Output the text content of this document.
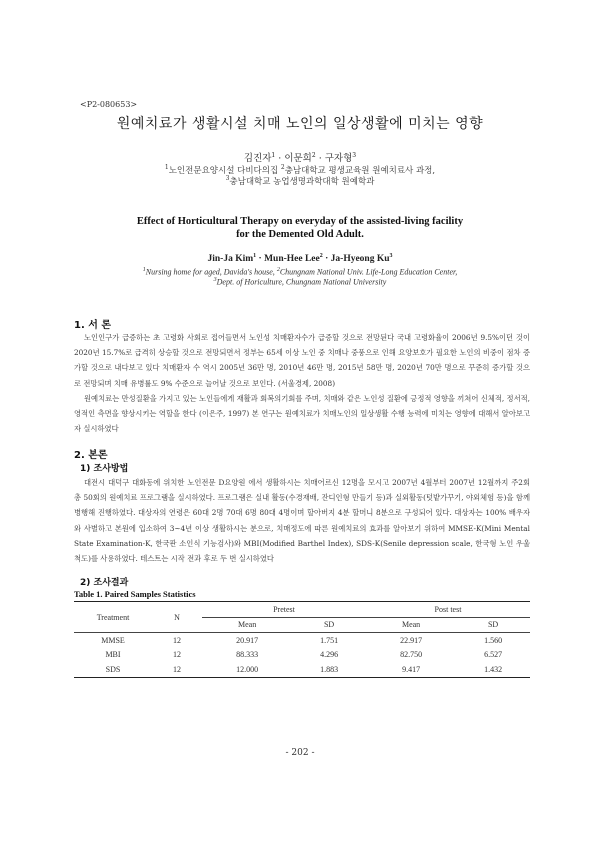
<P2-080653>
원예치료가 생활시설 치매 노인의 일상생활에 미치는 영향
김진자$^1$ · 이문희$^2$ · 구자형$^3$
$^1$노인전문요양시설 다비다의집 $^2$충남대학교 평생교육원 원예치료사 과정,
$^3$충남대학교 농업생명과학대학 원예학과
Effect of Horticultural Therapy on everyday of the assisted-living facility
for the Demented Old Adult.
Jin-Ja Kim$^1$ · Mun-Hee Lee$^2$ · Ja-Hyeong Ku$^3$
$^1$Nursing home for aged, Davida's house, $^2$Chungnam National Univ. Life-Long Education Center,
$^3$Dept. of Horiculture, Chungnam National University
1. 서 론

노인인구가 급증하는 초 고령화 사회로 접어들면서 노인성 치매환자수가 급증할 것으로 전망된다 국내 고령화율이 2006년 9.5%이던 것이 2020년 15.7%로 급격히 상승할 것으로 전망되면서 정부는 65세 이상 노인 중 치매나 중풍으로 인해 요양보호가 필요한 노인의 비중이 점차 증가할 것으로 내다보고 있다 치매환자 수 역시 2005년 36만 명, 2010년 46만 명, 2015년 58만 명, 2020년 70만 명으로 꾸준히 증가할 것으로 전망되며 치매 유병률도 9% 수준으로 늘어날 것으로 보인다. (서울경제, 2008)

원예치료는 만성질환을 가지고 있는 노인들에게 재활과 회복의기회를 주며, 치매와 같은 노인성 질환에 긍정적 영향을 끼쳐어 신체적, 정서적, 영적인 측면을 향상시키는 역할을 한다 (이은주, 1997) 본 연구는 원예치료가 치매노인의 일상생활 수행 능력에 미치는 영향에 대해서 알아보고자 실시하였다

2. 본론
1) 조사방법

대전시 대덕구 대화동에 위치한 노인전문 D요양원 에서 생활하시는 치매어르신 12명을 모시고 2007년 4월부터 2007년 12월까지 주2회 총 50회의 원예치료 프로그램을 실시하였다. 프로그램은 실내 활동(수경재배, 잔디인형 만들기 등)과 실외활동(텃밭가꾸기, 야외체험 등)을 함께 병행해 진행하였다. 대상자의 연령은 60대 2명 70대 6명 80대 4명이며 할아버지 4분 할머니 8분으로 구성되어 있다. 대상자는 100% 배우자와 사별하고 본원에 입소하여 3~4년 이상 생활하시는 분으로, 치매정도에 따른 원예치료의 효과를 알아보기 위하여 MMSE-K(Mini Mental State Examination-K, 한국판 소인식 기능검사)와 MBI(Modified Barthel Index), SDS-K(Senile depression scale, 한국형 노인 우울 척도)를 사용하였다. 테스트는 시작 전과 후로 두 번 실시하였다

2) 조사결과
Table 1. Paired Samples Statistics
Treatment	N	Pretest		Post test	
		Mean	SD	Mean	SD
MMSE	12	20.917	1.751	22.917	1.560
MBI	12	88.333	4.296	82.750	6.527
SDS	12	12.000	1.883	9.417	1.432
- 202 -
